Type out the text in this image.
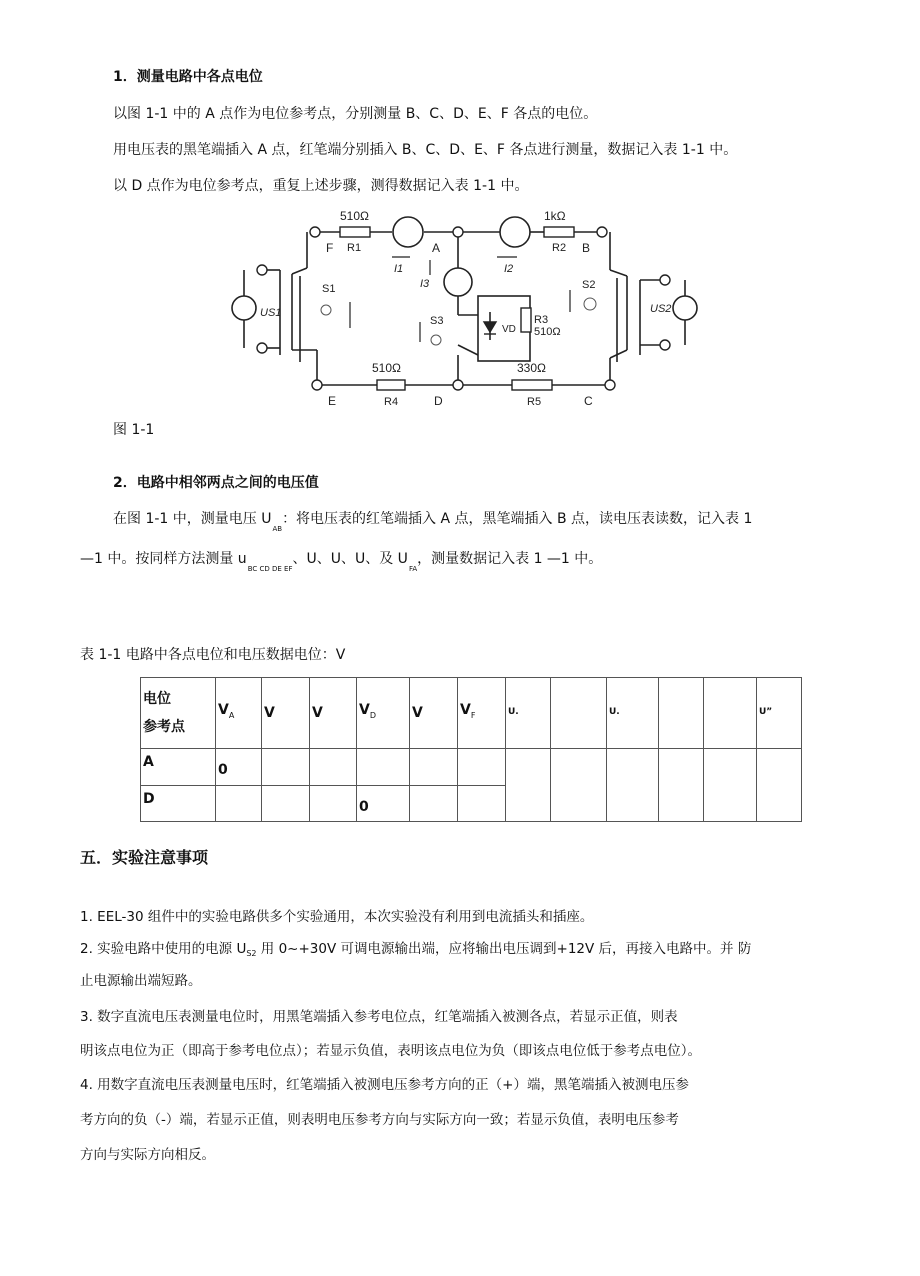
1．测量电路中各点电位
以图 1-1 中的 A 点作为电位参考点，分别测量 B、C、D、E、F 各点的电位。
用电压表的黑笔端插入 A 点，红笔端分别插入 B、C、D、E、F 各点进行测量，数据记入表 1-1 中。
以 D 点作为电位参考点，重复上述步骤，测得数据记入表 1-1 中。
510Ω
R1
1kΩ
R2
R3
510Ω
510Ω
R4
330Ω
R5
A	B
C
D
E
F
I1	I2
I3
S1	S2
S3
US1	US2
VD
图 1-1
2．电路中相邻两点之间的电压值
在图 1-1 中，测量电压 $U_{AB}$：将电压表的红笔端插入 A 点，黑笔端插入 B 点，读电压表读数，记入表 1
—1 中。按同样方法测量 $u_{BC CD DE EF}$、U、U、U、及 $U_{FA}$，测量数据记入表 1 —1 中。
表 1-1 电路中各点电位和电压数据电位：V
电位
参考点	$V_A$	V	V	$V_D$	V	$V_F$	$^{U.}$		$^{U.}$			$^{U”}$
A	0											
D				0								
五．实验注意事项
1. EEL-30 组件中的实验电路供多个实验通用，本次实验没有利用到电流插头和插座。
2. 实验电路中使用的电源 $U_{S2}$ 用 0~+30V 可调电源输出端，应将输出电压调到+12V 后，再接入电路中。并 防
止电源输出端短路。
3. 数字直流电压表测量电位时，用黑笔端插入参考电位点，红笔端插入被测各点，若显示正值，则表
明该点电位为正（即高于参考电位点）；若显示负值，表明该点电位为负（即该点电位低于参考点电位）。
4. 用数字直流电压表测量电压时，红笔端插入被测电压参考方向的正（+）端，黑笔端插入被测电压参
考方向的负（-）端，若显示正值，则表明电压参考方向与实际方向一致；若显示负值，表明电压参考
方向与实际方向相反。
